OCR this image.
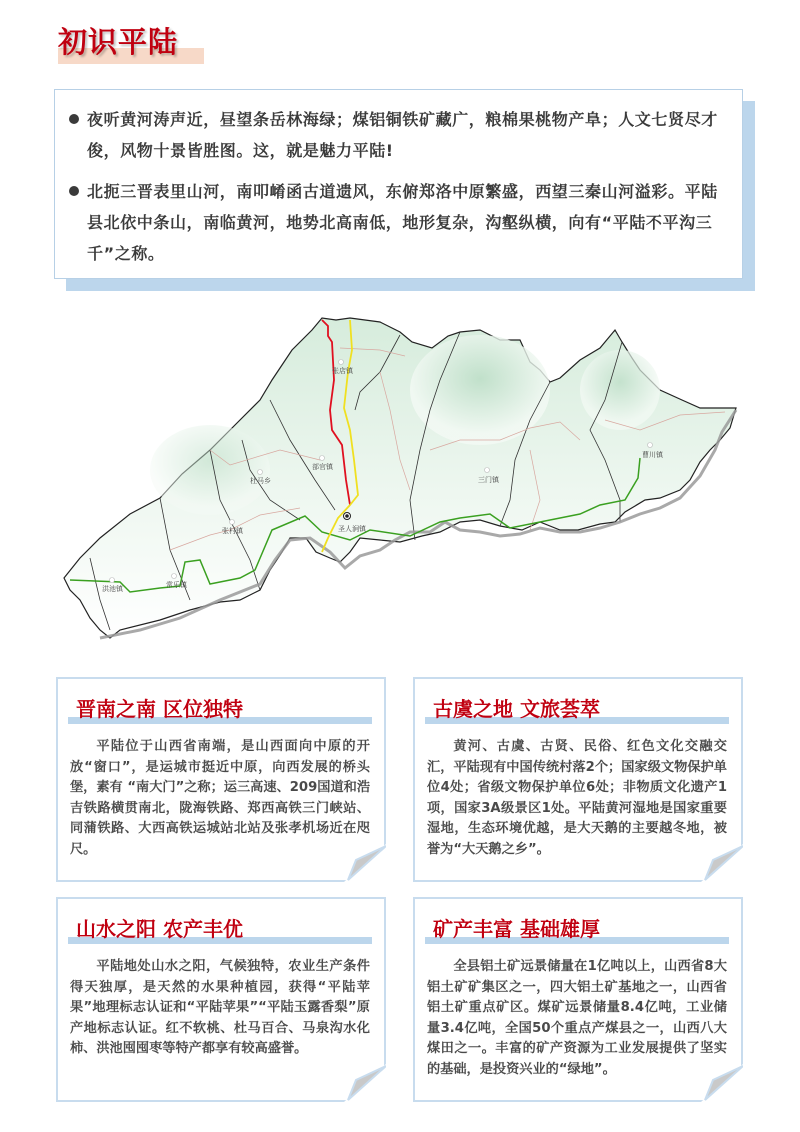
初识平陆
夜听黄河涛声近，昼望条岳林海绿；煤铝铜铁矿藏广，粮棉果桃物产阜；人文七贤尽才俊，风物十景皆胜图。这，就是魅力平陆!
北扼三晋表里山河，南叩崤函古道遗风，东俯郑洛中原繁盛，西望三秦山河溢彩。平陆县北依中条山，南临黄河，地势北高南低，地形复杂，沟壑纵横，向有“平陆不平沟三千”之称。
张店镇
部官镇
杜马乡
张村镇
洪池镇	常乐镇
圣人涧镇
三门镇
曹川镇
晋南之南 区位独特
平陆位于山西省南端，是山西面向中原的开放“窗口”，是运城市挺近中原，向西发展的桥头堡，素有 “南大门”之称；运三高速、209国道和浩吉铁路横贯南北，陇海铁路、郑西高铁三门峡站、同蒲铁路、大西高铁运城站北站及张孝机场近在咫尺。
古虞之地 文旅荟萃
黄河、古虞、古贤、民俗、红色文化交融交汇，平陆现有中国传统村落2个；国家级文物保护单位4处；省级文物保护单位6处；非物质文化遗产1项，国家3A级景区1处。平陆黄河湿地是国家重要湿地，生态环境优越，是大天鹅的主要越冬地，被誉为“大天鹅之乡”。
山水之阳 农产丰优
平陆地处山水之阳，气候独特，农业生产条件得天独厚，是天然的水果种植园，获得“平陆苹果”地理标志认证和“平陆苹果”“平陆玉露香梨”原产地标志认证。红不软桃、杜马百合、马泉沟水化柿、洪池囤囤枣等特产都享有较高盛誉。
矿产丰富 基础雄厚
全县铝土矿远景储量在1亿吨以上，山西省8大铝土矿矿集区之一，四大铝土矿基地之一，山西省铝土矿重点矿区。煤矿远景储量8.4亿吨，工业储量3.4亿吨，全国50个重点产煤县之一，山西八大煤田之一。丰富的矿产资源为工业发展提供了坚实的基础，是投资兴业的“绿地”。
